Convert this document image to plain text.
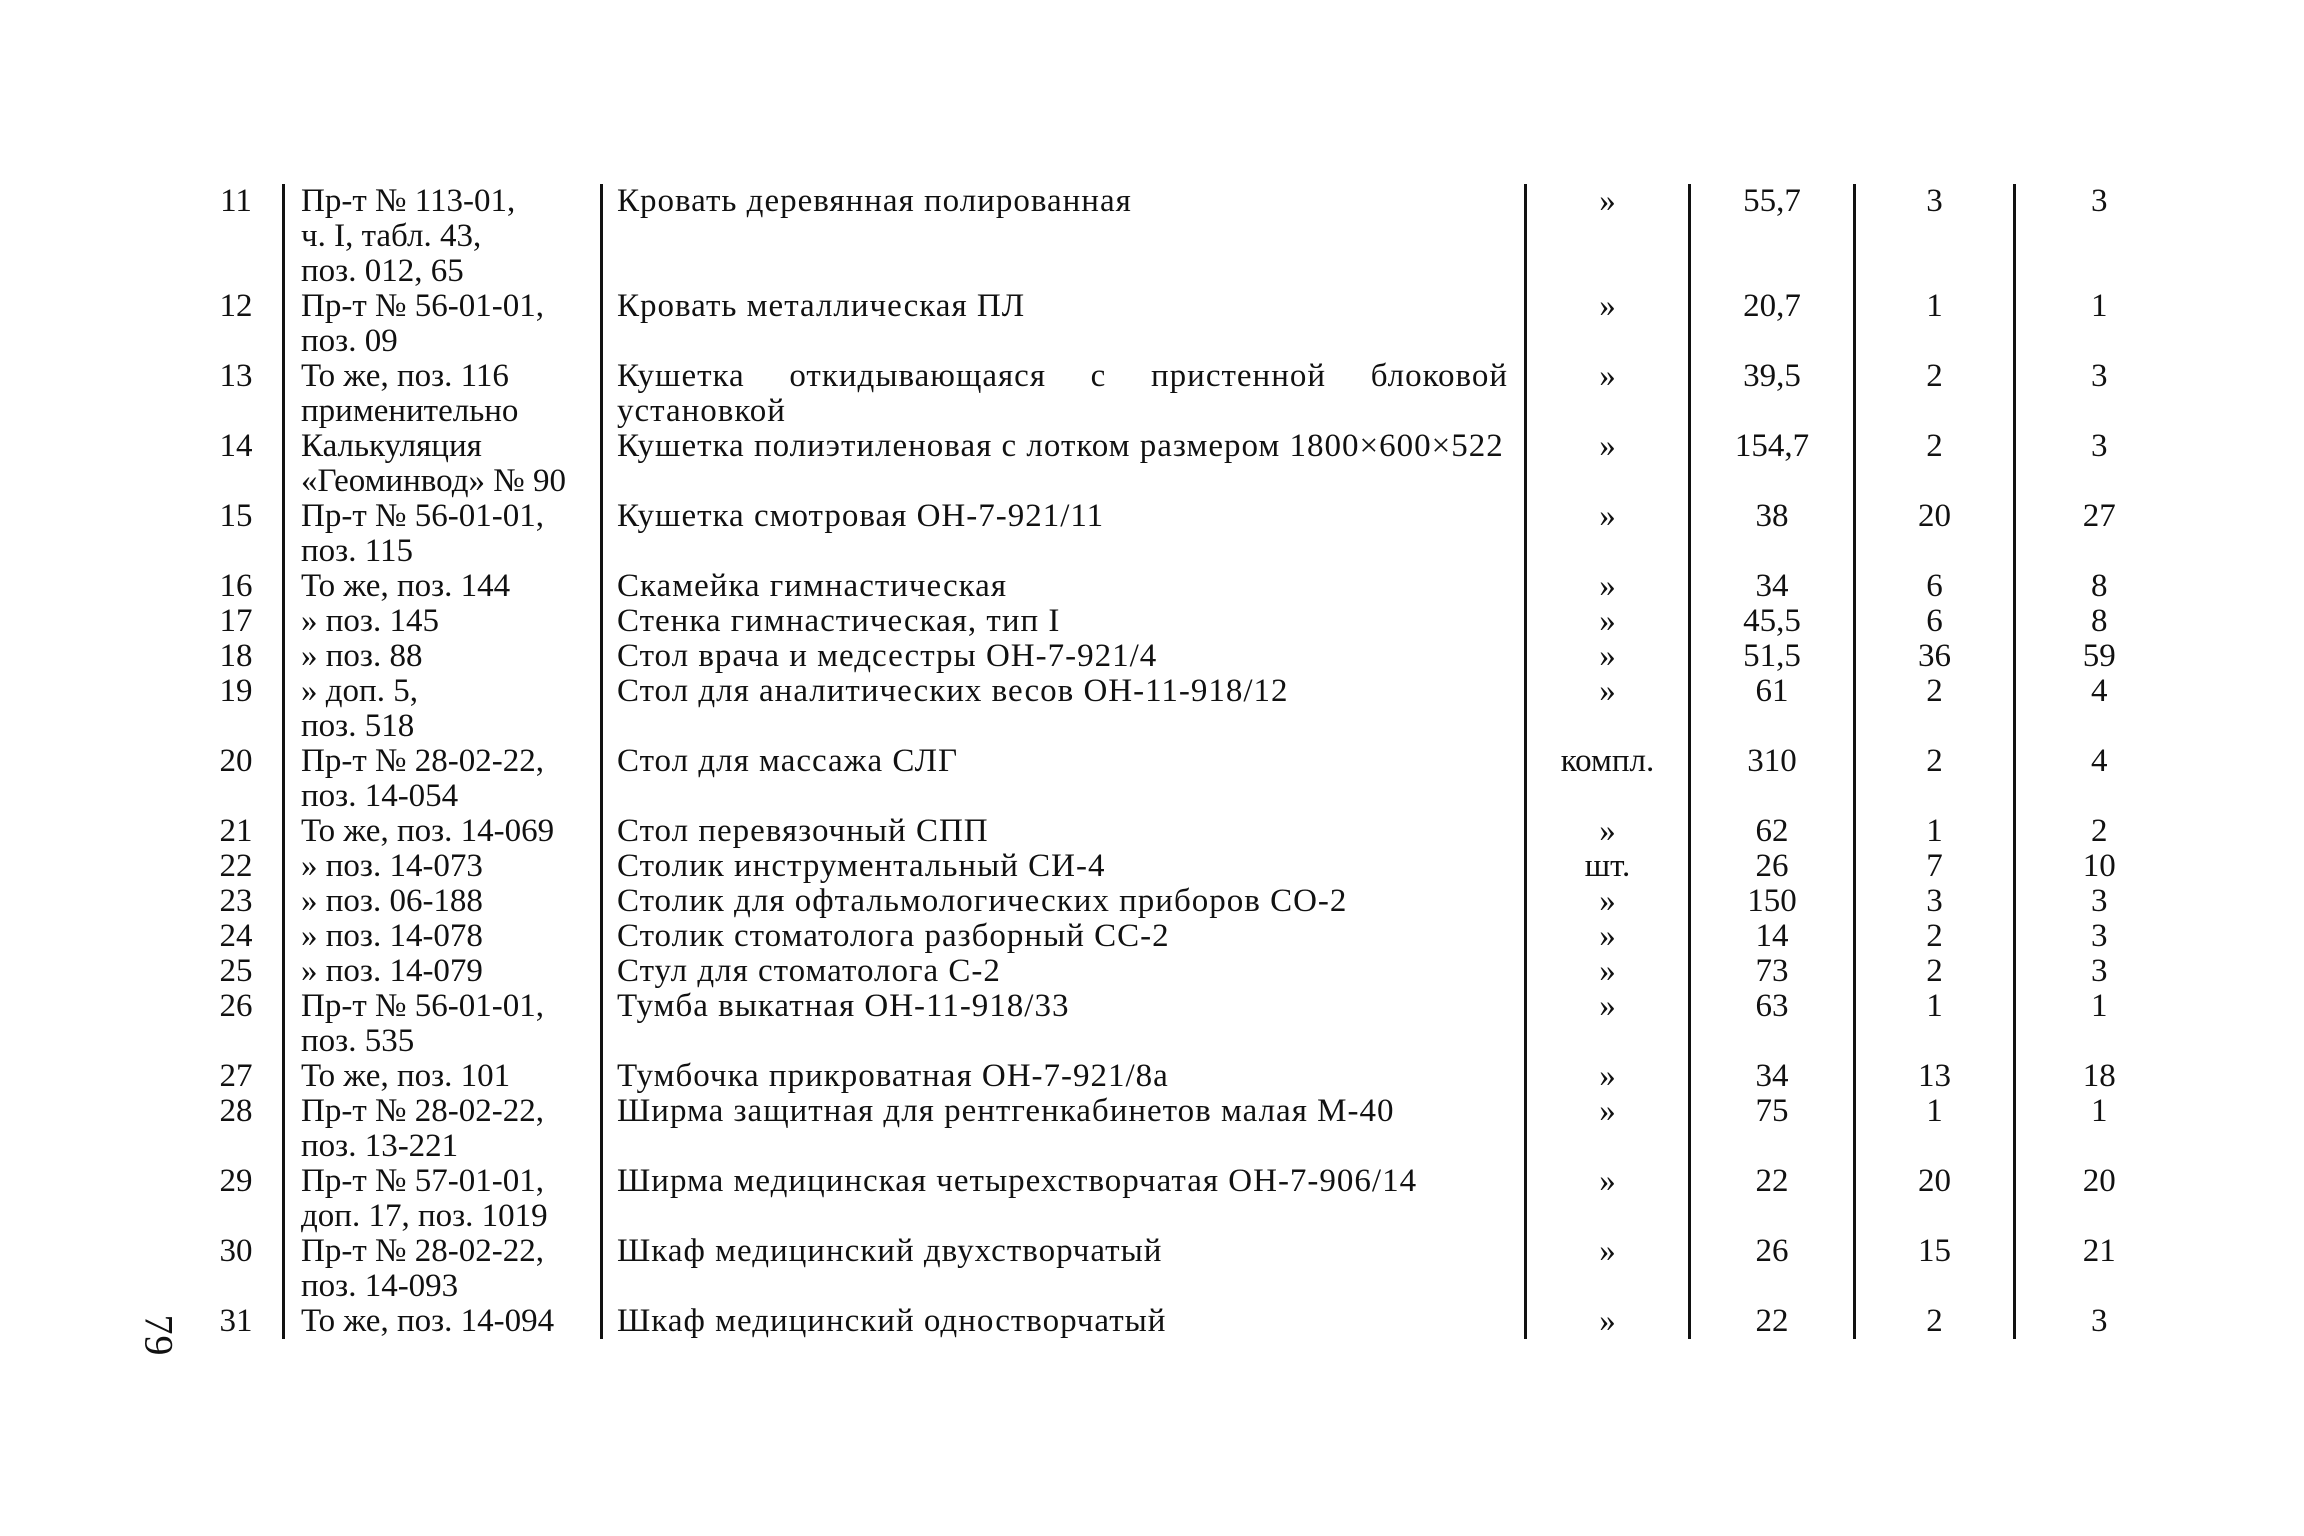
79
11	Пр-т № 113-01,
ч. I, табл. 43,
поз. 012, 65	Кровать деревянная полированная	»	55,7	3	3
12	Пр-т № 56-01-01,
поз. 09	Кровать металлическая ПЛ	»	20,7	1	1
13	То же, поз. 116
применительно	Кушетка откидывающаяся с пристенной блоковой установкой	»	39,5	2	3
14	Калькуляция
«Геоминвод» № 90	Кушетка полиэтиленовая с лотком размером 1800×600×522	»	154,7	2	3
15	Пр-т № 56-01-01,
поз. 115	Кушетка смотровая ОН-7-921/11	»	38	20	27
16	То же, поз. 144	Скамейка гимнастическая	»	34	6	8
17	» поз. 145	Стенка гимнастическая, тип I	»	45,5	6	8
18	» поз. 88	Стол врача и медсестры ОН-7-921/4	»	51,5	36	59
19	» доп. 5,
поз. 518	Стол для аналитических весов ОН-11-918/12	»	61	2	4
20	Пр-т № 28-02-22,
поз. 14-054	Стол для массажа СЛГ	компл.	310	2	4
21	То же, поз. 14-069	Стол перевязочный СПП	»	62	1	2
22	» поз. 14-073	Столик инструментальный СИ-4	шт.	26	7	10
23	» поз. 06-188	Столик для офтальмологических приборов СО-2	»	150	3	3
24	» поз. 14-078	Столик стоматолога разборный СС-2	»	14	2	3
25	» поз. 14-079	Стул для стоматолога С-2	»	73	2	3
26	Пр-т № 56-01-01,
поз. 535	Тумба выкатная ОН-11-918/33	»	63	1	1
27	То же, поз. 101	Тумбочка прикроватная ОН-7-921/8а	»	34	13	18
28	Пр-т № 28-02-22,
поз. 13-221	Ширма защитная для рентгенкабинетов малая М-40	»	75	1	1
29	Пр-т № 57-01-01,
доп. 17, поз. 1019	Ширма медицинская четырехстворчатая ОН-7-906/14	»	22	20	20
30	Пр-т № 28-02-22,
поз. 14-093	Шкаф медицинский двухстворчатый	»	26	15	21
31	То же, поз. 14-094	Шкаф медицинский одностворчатый	»	22	2	3
